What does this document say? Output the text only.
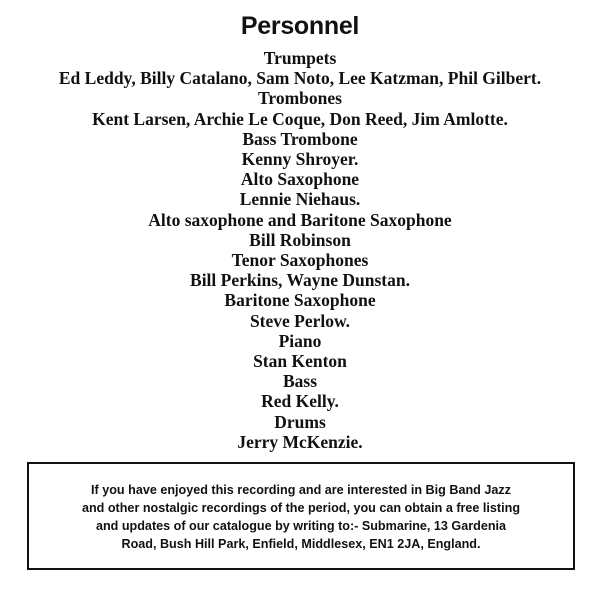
Personnel
Trumpets
Ed Leddy, Billy Catalano, Sam Noto, Lee Katzman, Phil Gilbert.
Trombones
Kent Larsen, Archie Le Coque, Don Reed, Jim Amlotte.
Bass Trombone
Kenny Shroyer.
Alto Saxophone
Lennie Niehaus.
Alto saxophone and Baritone Saxophone
Bill Robinson
Tenor Saxophones
Bill Perkins, Wayne Dunstan.
Baritone Saxophone
Steve Perlow.
Piano
Stan Kenton
Bass
Red Kelly.
Drums
Jerry McKenzie.
If you have enjoyed this recording and are interested in Big Band Jazz
and other nostalgic recordings of the period, you can obtain a free listing
and updates of our catalogue by writing to:- Submarine, 13 Gardenia
Road, Bush Hill Park, Enfield, Middlesex, EN1 2JA, England.
